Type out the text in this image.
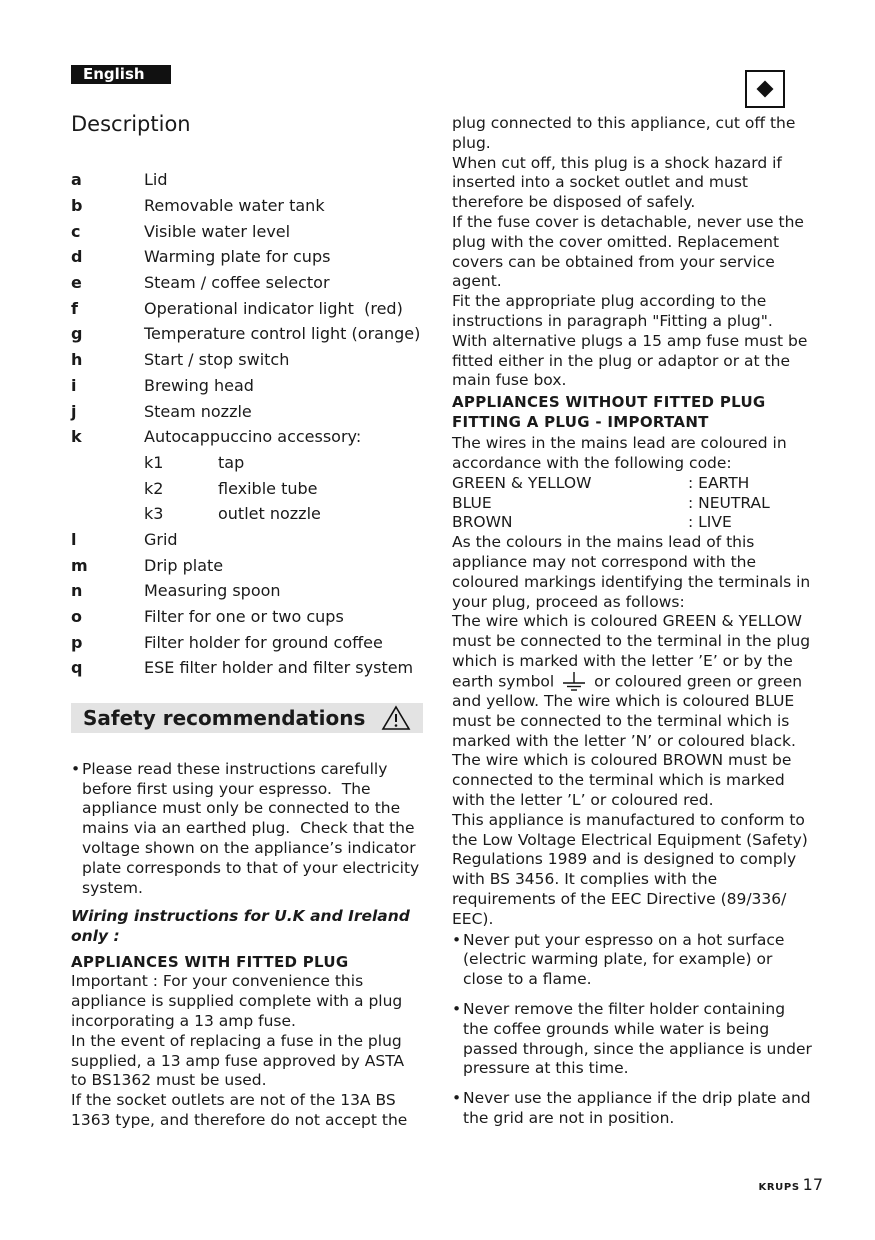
English
Description
a	Lid
b	Removable water tank
c	Visible water level
d	Warming plate for cups
e	Steam / coffee selector
f	Operational indicator light  (red)
g	Temperature control light (orange)
h	Start / stop switch
i	Brewing head
j	Steam nozzle
k	Autocappuccino accessory:
k1	tap
k2	flexible tube
k3	outlet nozzle
l	Grid
m	Drip plate
n	Measuring spoon
o	Filter for one or two cups
p	Filter holder for ground coffee
q	ESE filter holder and filter system
Safety recommendations
• Please read these instructions carefully before first using your espresso.  The appliance must only be connected to the mains via an earthed plug.  Check that the voltage shown on the appliance’s indicator plate corresponds to that of your electricity system.
Wiring instructions for U.K and Ireland only :
APPLIANCES WITH FITTED PLUG
Important : For your convenience this appliance is supplied complete with a plug incorporating a 13 amp fuse.
In the event of replacing a fuse in the plug supplied, a 13 amp fuse approved by ASTA to BS1362 must be used.
If the socket outlets are not of the 13A BS 1363 type, and therefore do not accept the
plug connected to this appliance, cut off the plug.
When cut off, this plug is a shock hazard if inserted into a socket outlet and must therefore be disposed of safely.
If the fuse cover is detachable, never use the plug with the cover omitted. Replacement covers can be obtained from your service agent.
Fit the appropriate plug according to the instructions in paragraph "Fitting a plug".
With alternative plugs a 15 amp fuse must be fitted either in the plug or adaptor or at the main fuse box.
APPLIANCES WITHOUT FITTED PLUG
FITTING A PLUG - IMPORTANT
The wires in the mains lead are coloured in accordance with the following code:
GREEN & YELLOW	: EARTH
BLUE	: NEUTRAL
BROWN	: LIVE
As the colours in the mains lead of this appliance may not correspond with the coloured markings identifying the terminals in your plug, proceed as follows:
The wire which is coloured GREEN & YELLOW must be connected to the terminal in the plug which is marked with the letter ’E’ or by the earth symbol	or coloured green or green and yellow. The wire which is coloured BLUE must be connected to the terminal which is marked with the letter ’N’ or coloured black.
The wire which is coloured BROWN must be connected to the terminal which is marked with the letter ’L’ or coloured red.
This appliance is manufactured to conform to the Low Voltage Electrical Equipment (Safety) Regulations 1989 and is designed to comply with BS 3456. It complies with the requirements of the EEC Directive (89/336/ EEC).
• Never put your espresso on a hot surface (electric warming plate, for example) or close to a flame.
• Never remove the filter holder containing the coffee grounds while water is being passed through, since the appliance is under pressure at this time.
• Never use the appliance if the drip plate and the grid are not in position.
KRUPS 17
